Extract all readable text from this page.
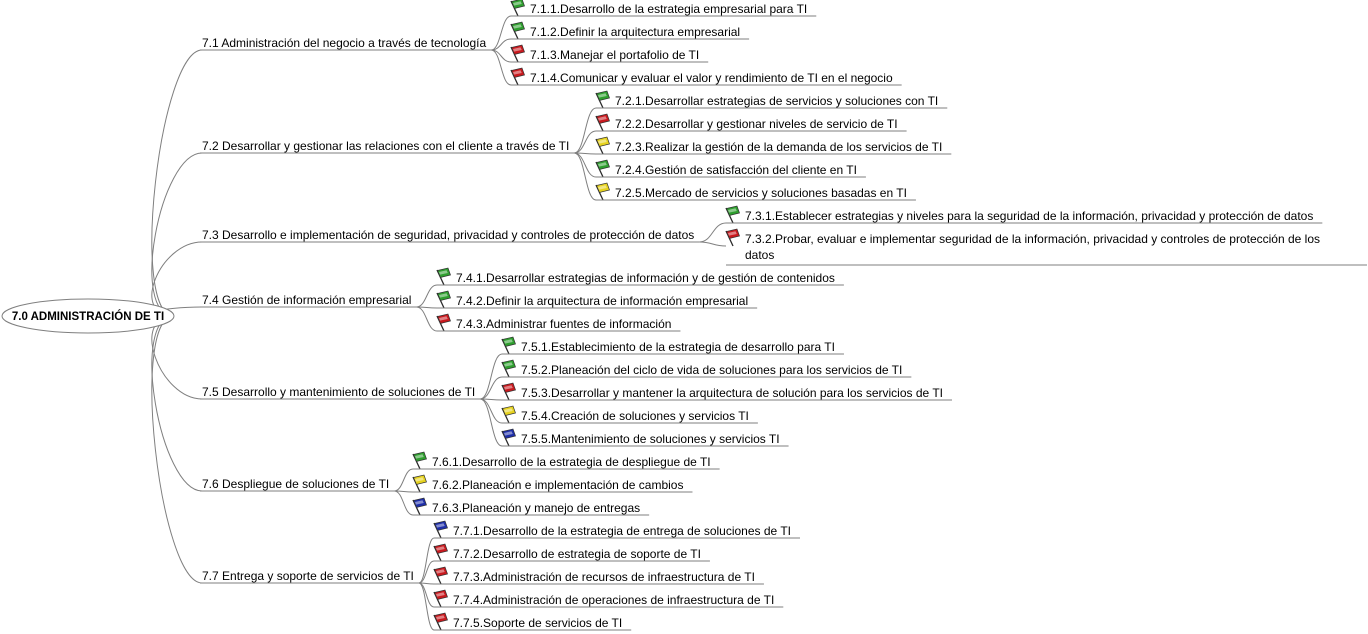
7.1 Administración del negocio a través de tecnología
7.1.1.Desarrollo de la estrategia empresarial para TI
7.1.2.Definir la arquitectura empresarial
7.1.3.Manejar el portafolio de TI
7.1.4.Comunicar y evaluar el valor y rendimiento de TI en el negocio
7.2 Desarrollar y gestionar las relaciones con el cliente a través de TI
7.2.1.Desarrollar estrategias de servicios y soluciones con TI
7.2.2.Desarrollar y gestionar niveles de servicio de TI
7.2.3.Realizar la gestión de la demanda de los servicios de TI
7.2.4.Gestión de satisfacción del cliente en TI
7.2.5.Mercado de servicios y soluciones basadas en TI
7.3 Desarrollo e implementación de seguridad, privacidad y controles de protección de datos
7.3.1.Establecer estrategias y niveles para la seguridad de la información, privacidad y protección de datos
7.3.2.Probar, evaluar e implementar seguridad de la información, privacidad y controles de protección de los
datos
7.4 Gestión de información empresarial
7.4.1.Desarrollar estrategias de información y de gestión de contenidos
7.4.2.Definir la arquitectura de información empresarial
7.4.3.Administrar fuentes de información
7.5 Desarrollo y mantenimiento de soluciones de TI
7.5.1.Establecimiento de la estrategia de desarrollo para TI
7.5.2.Planeación del ciclo de vida de soluciones para los servicios de TI
7.5.3.Desarrollar y mantener la arquitectura de solución para los servicios de TI
7.5.4.Creación de soluciones y servicios TI
7.5.5.Mantenimiento de soluciones y servicios TI
7.6 Despliegue de soluciones de TI
7.6.1.Desarrollo de la estrategia de despliegue de TI
7.6.2.Planeación e implementación de cambios
7.6.3.Planeación y manejo de entregas
7.7 Entrega y soporte de servicios de TI
7.7.1.Desarrollo de la estrategia de entrega de soluciones de TI
7.7.2.Desarrollo de estrategia de soporte de TI
7.7.3.Administración de recursos de infraestructura de TI
7.7.4.Administración de operaciones de infraestructura de TI
7.7.5.Soporte de servicios de TI
7.0 ADMINISTRACIÓN DE TI
